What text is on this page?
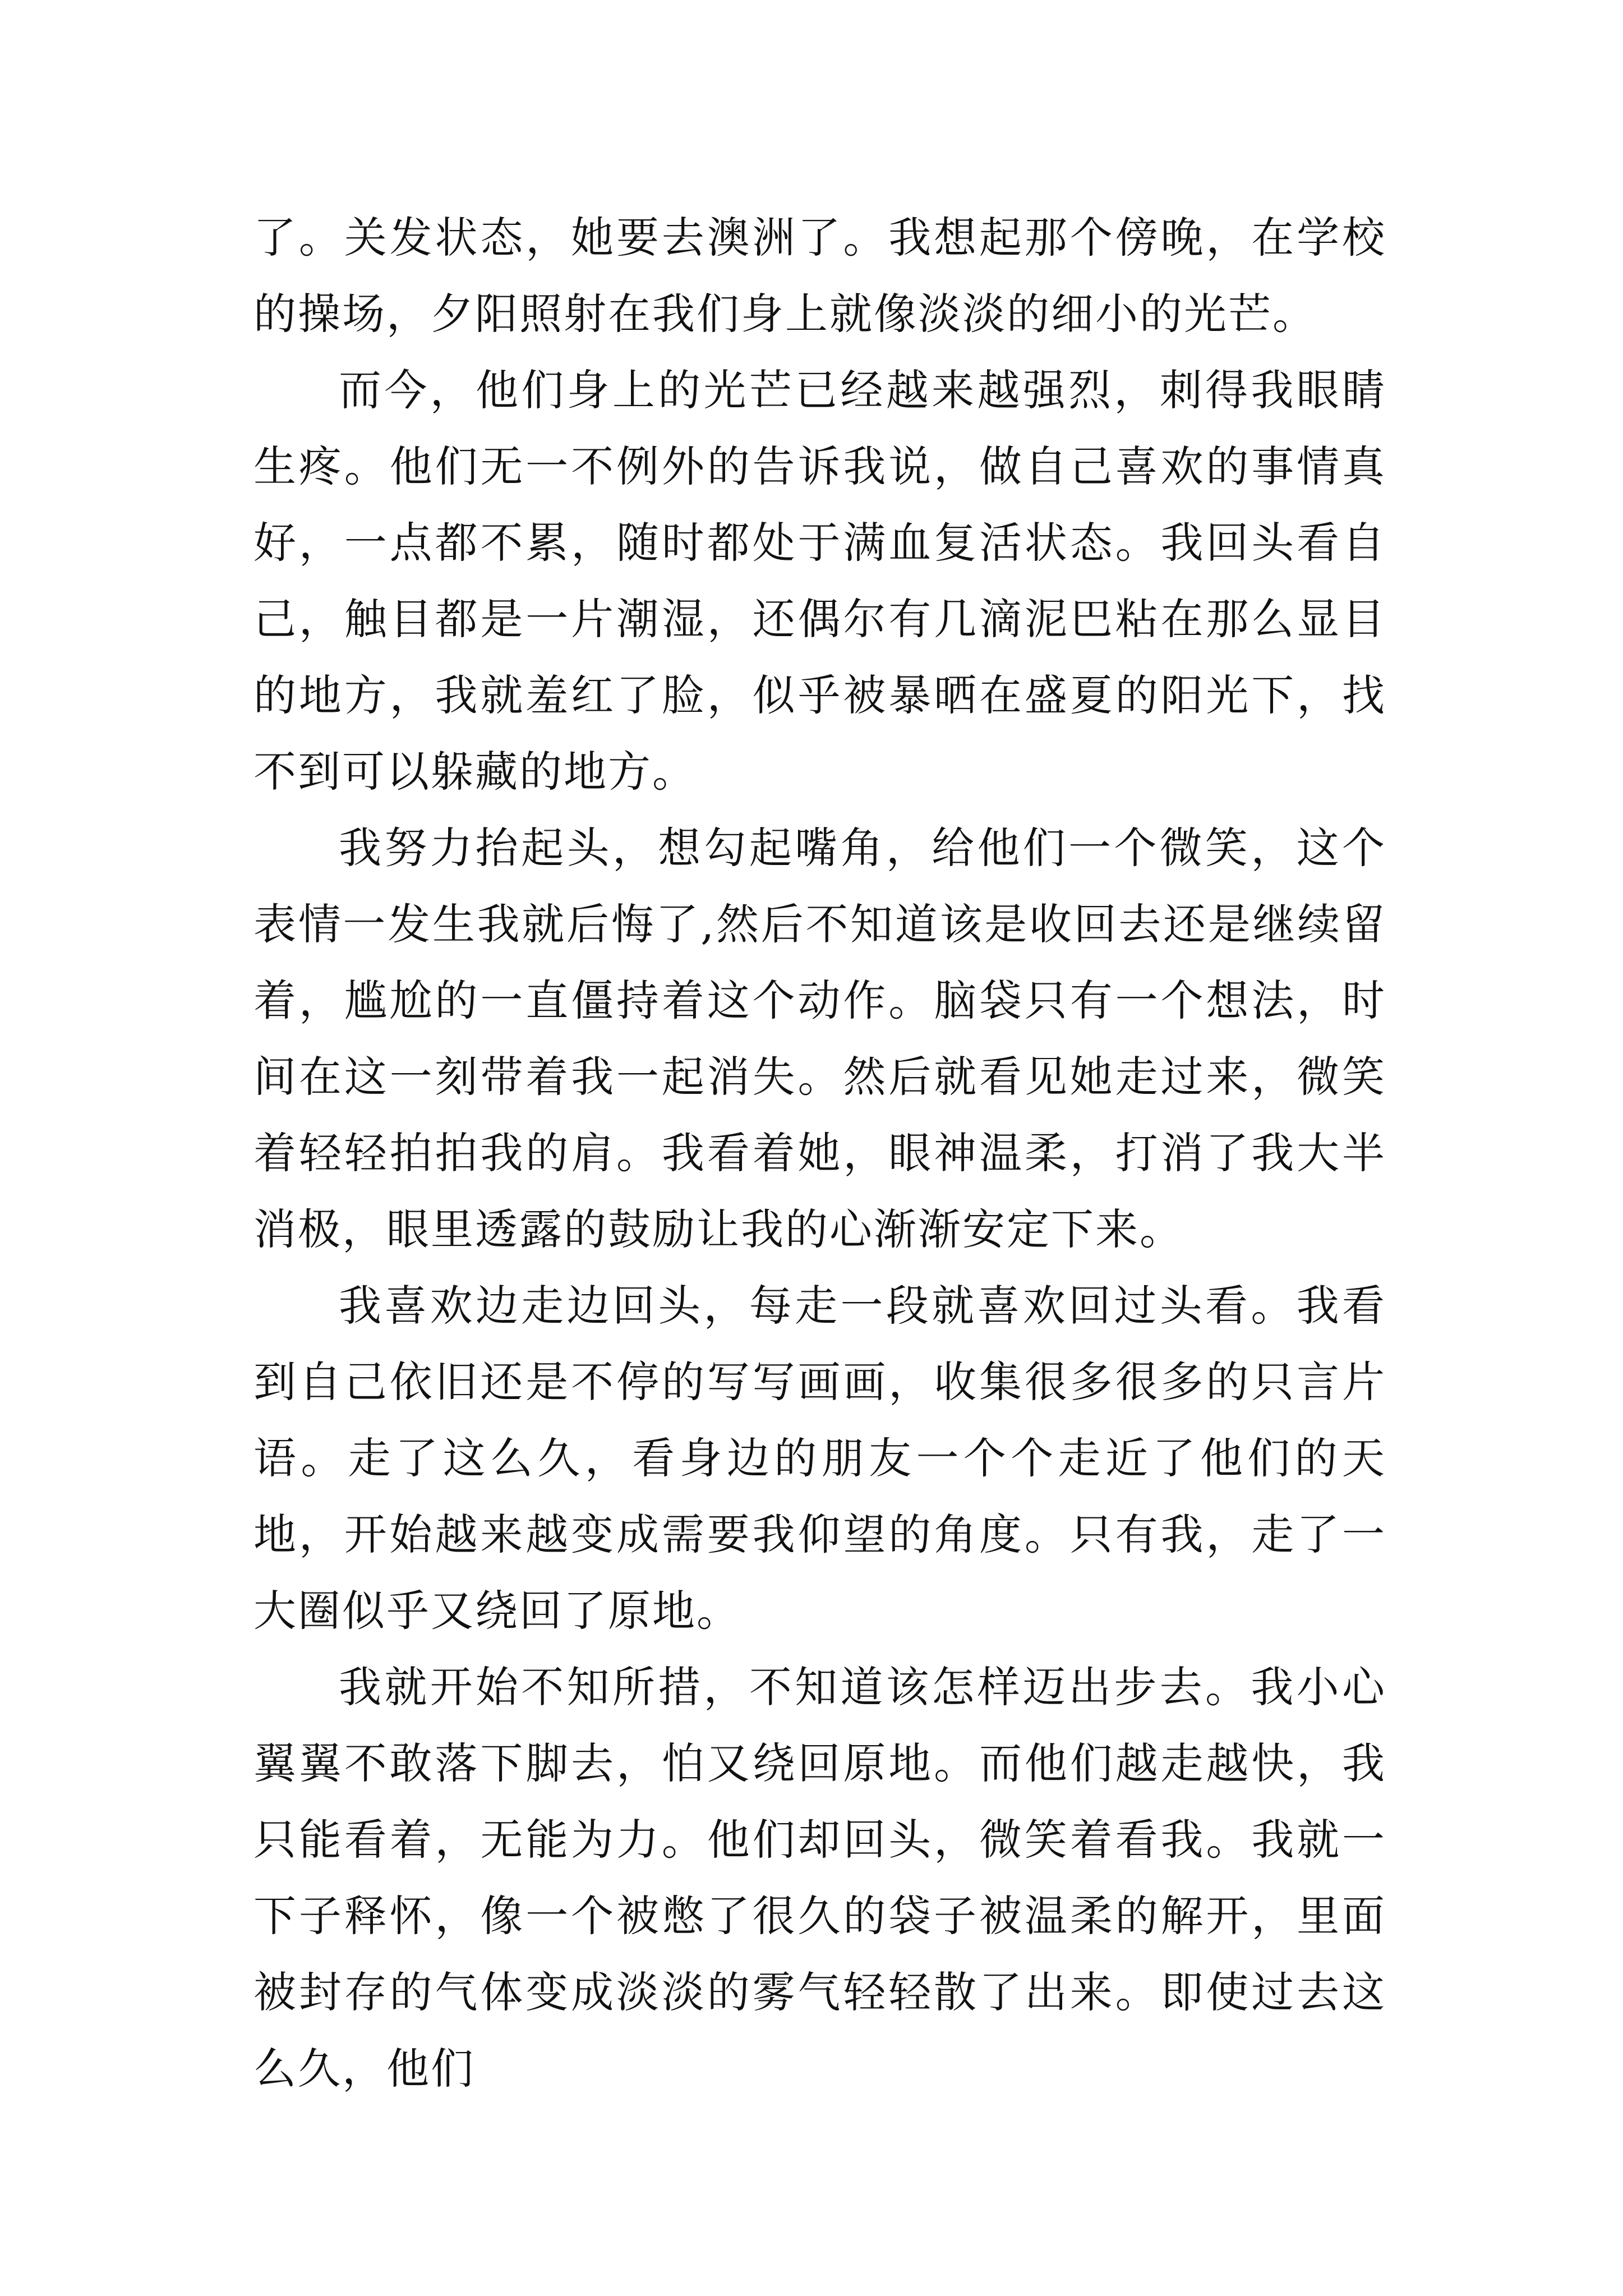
了。关发状态，她要去澳洲了。我想起那个傍晚，在学校的操场，夕阳照射在我们身上就像淡淡的细小的光芒。

而今，他们身上的光芒已经越来越强烈，刺得我眼睛生疼。他们无一不例外的告诉我说，做自己喜欢的事情真好，一点都不累，随时都处于满血复活状态。我回头看自己，触目都是一片潮湿，还偶尔有几滴泥巴粘在那么显目的地方，我就羞红了脸，似乎被暴晒在盛夏的阳光下，找不到可以躲藏的地方。

我努力抬起头，想勾起嘴角，给他们一个微笑，这个表情一发生我就后悔了,然后不知道该是收回去还是继续留着，尴尬的一直僵持着这个动作。脑袋只有一个想法，时间在这一刻带着我一起消失。然后就看见她走过来，微笑着轻轻拍拍我的肩。我看着她，眼神温柔，打消了我大半消极，眼里透露的鼓励让我的心渐渐安定下来。

我喜欢边走边回头，每走一段就喜欢回过头看。我看到自己依旧还是不停的写写画画，收集很多很多的只言片语。走了这么久，看身边的朋友一个个走近了他们的天地，开始越来越变成需要我仰望的角度。只有我，走了一大圈似乎又绕回了原地。

我就开始不知所措，不知道该怎样迈出步去。我小心翼翼不敢落下脚去，怕又绕回原地。而他们越走越快，我只能看着，无能为力。他们却回头，微笑着看我。我就一下子释怀，像一个被憋了很久的袋子被温柔的解开，里面被封存的气体变成淡淡的雾气轻轻散了出来。即使过去这么久，他们
